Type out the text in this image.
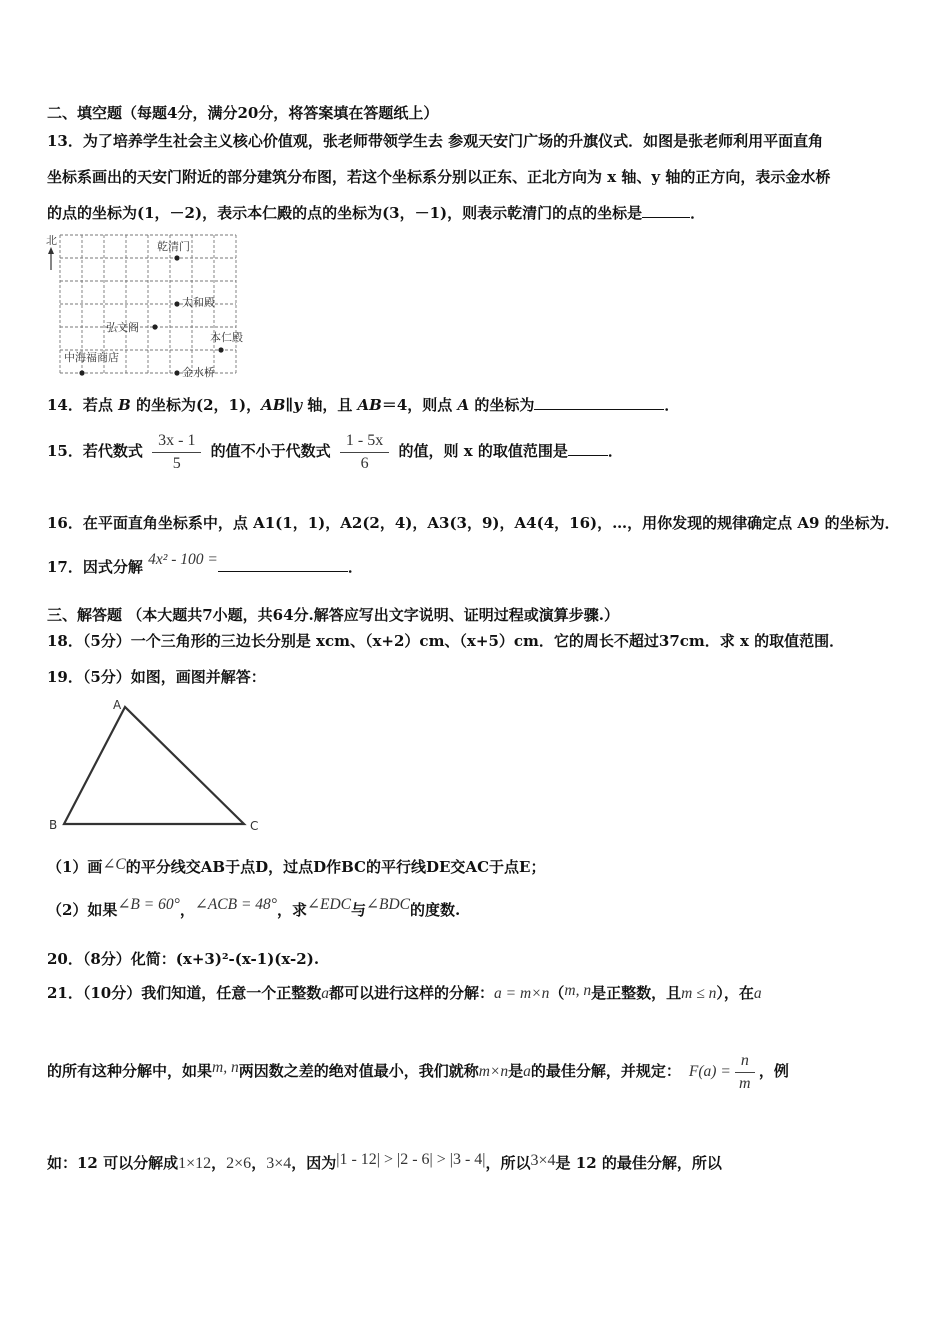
二、填空题（每题4分，满分20分，将答案填在答题纸上）
13．为了培养学生社会主义核心价值观，张老师带领学生去 参观天安门广场的升旗仪式．如图是张老师利用平面直角
坐标系画出的天安门附近的部分建筑分布图，若这个坐标系分别以正东、正北方向为 x 轴、y 轴的正方向，表示金水桥
的点的坐标为(1，－2)，表示本仁殿的点的坐标为(3，－1)，则表示乾清门的点的坐标是	．
北	乾清门
太和殿
弘文阁
本仁殿
中海福商店
金水桥
14．若点 B 的坐标为(2，1)，AB∥y 轴，且 AB＝4，则点 A 的坐标为	．
15．若代数式 $\frac{3x - 1}{5}$ 的值不小于代数式 $\frac{1 - 5x}{6}$ 的值，则 x 的取值范围是	．
16．在平面直角坐标系中，点 A1(1，1)，A2(2，4)，A3(3，9)，A4(4，16)，…，用你发现的规律确定点 A9 的坐标为．
17．因式分解 4x² - 100 =	．
三、解答题 （本大题共7小题，共64分.解答应写出文字说明、证明过程或演算步骤.）
18．（5分）一个三角形的三边长分别是 xcm、（x+2）cm、（x+5）cm．它的周长不超过37cm．求 x 的取值范围．
19．（5分）如图，画图并解答：
A
B	C
（1）画∠C的平分线交AB于点D，过点D作BC的平行线DE交AC于点E；
（2）如果∠B = 60°，∠ACB = 48°，求∠EDC与∠BDC的度数.
20．（8分）化简：(x+3)²-(x-1)(x-2).
21．（10分）我们知道，任意一个正整数a都可以进行这样的分解：a = m×n（m, n是正整数，且m ≤ n），在a
的所有这种分解中，如果m, n两因数之差的绝对值最小，我们就称m×n是a的最佳分解，并规定： $F(a) = \frac{n}{m}$ ，例
如：12 可以分解成1×12，2×6，3×4，因为|1 - 12| > |2 - 6| > |3 - 4|，所以3×4是 12 的最佳分解，所以
